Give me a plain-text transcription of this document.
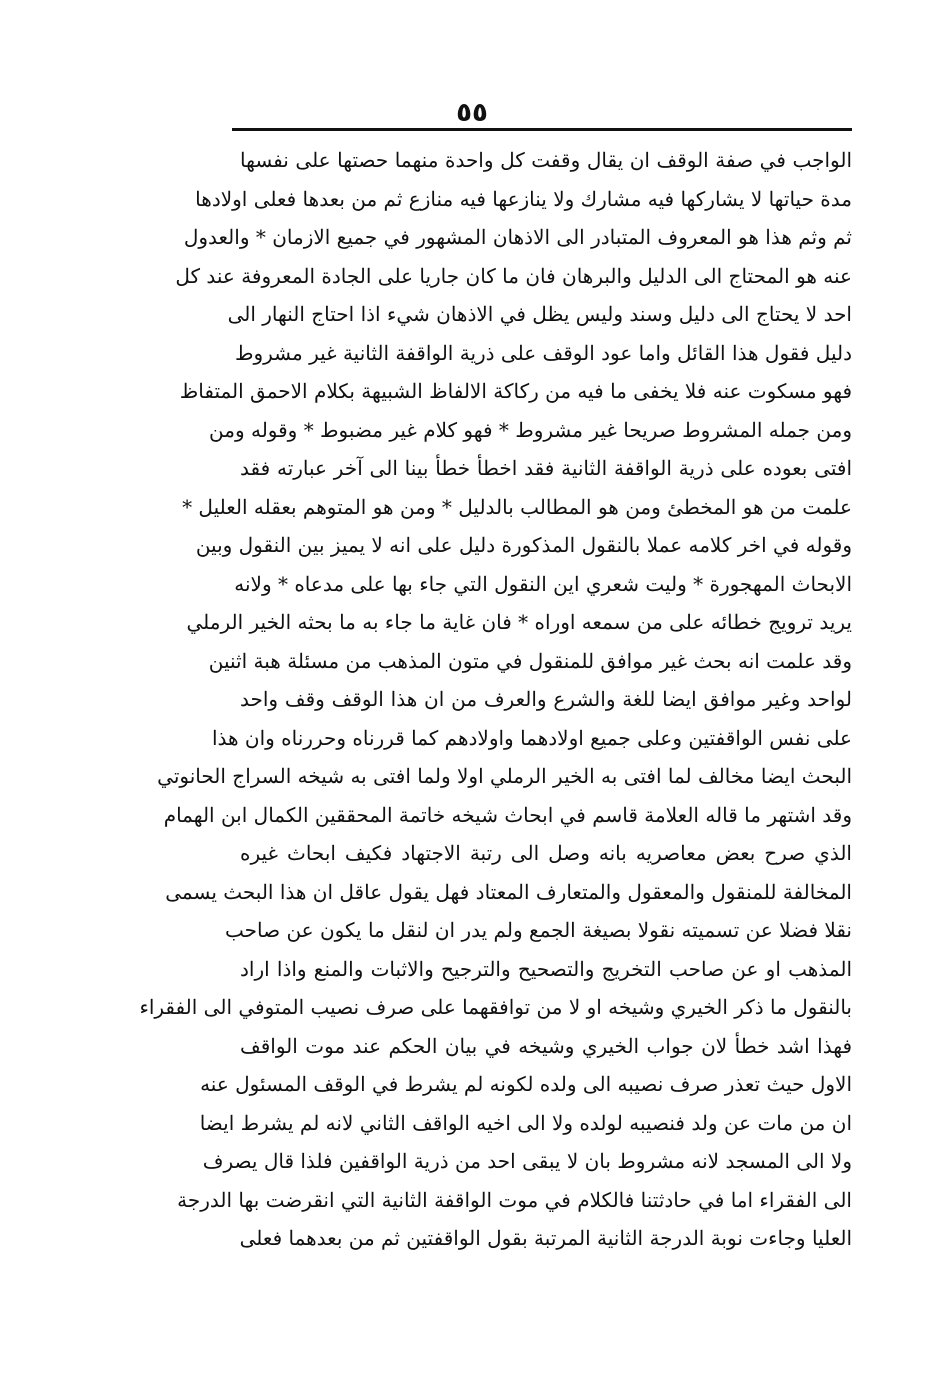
٥٥
الواجب في صفة الوقف ان يقال وقفت كل واحدة منهما حصتها على نفسها
مدة حياتها لا يشاركها فيه مشارك ولا ينازعها فيه منازع ثم من بعدها فعلى اولادها
ثم وثم هذا هو المعروف المتبادر الى الاذهان المشهور في جميع الازمان * والعدول
عنه هو المحتاج الى الدليل والبرهان فان ما كان جاريا على الجادة المعروفة عند كل
احد لا يحتاج الى دليل وسند وليس يظل في الاذهان شيء اذا احتاج النهار الى
دليل فقول هذا القائل واما عود الوقف على ذرية الواقفة الثانية غير مشروط
فهو مسكوت عنه فلا يخفى ما فيه من ركاكة الالفاظ الشبيهة بكلام الاحمق المتفاظ
ومن جمله المشروط صريحا غير مشروط * فهو كلام غير مضبوط * وقوله ومن
افتى بعوده على ذرية الواقفة الثانية فقد اخطأ خطأ بينا الى آخر عبارته فقد
علمت من هو المخطئ ومن هو المطالب بالدليل * ومن هو المتوهم بعقله العليل *
وقوله في اخر كلامه عملا بالنقول المذكورة دليل على انه لا يميز بين النقول وبين
الابحاث المهجورة * وليت شعري اين النقول التي جاء بها على مدعاه * ولانه
يريد ترويج خطائه على من سمعه اوراه * فان غاية ما جاء به ما بحثه الخير الرملي
وقد علمت انه بحث غير موافق للمنقول في متون المذهب من مسئلة هبة اثنين
لواحد وغير موافق ايضا للغة والشرع والعرف من ان هذا الوقف وقف واحد
على نفس الواقفتين وعلى جميع اولادهما واولادهم كما قررناه وحررناه وان هذا
البحث ايضا مخالف لما افتى به الخير الرملي اولا ولما افتى به شيخه السراج الحانوتي
وقد اشتهر ما قاله العلامة قاسم في ابحاث شيخه خاتمة المحققين الكمال ابن الهمام
الذي صرح بعض معاصريه بانه وصل الى رتبة الاجتهاد فكيف ابحاث غيره
المخالفة للمنقول والمعقول والمتعارف المعتاد فهل يقول عاقل ان هذا البحث يسمى
نقلا فضلا عن تسميته نقولا بصيغة الجمع ولم يدر ان لنقل ما يكون عن صاحب
المذهب او عن صاحب التخريج والتصحيح والترجيح والاثبات والمنع واذا اراد
بالنقول ما ذكر الخيري وشيخه او لا من توافقهما على صرف نصيب المتوفي الى الفقراء
فهذا اشد خطأ لان جواب الخيري وشيخه في بيان الحكم عند موت الواقف
الاول حيث تعذر صرف نصيبه الى ولده لكونه لم يشرط في الوقف المسئول عنه
ان من مات عن ولد فنصيبه لولده ولا الى اخيه الواقف الثاني لانه لم يشرط ايضا
ولا الى المسجد لانه مشروط بان لا يبقى احد من ذرية الواقفين فلذا قال يصرف
الى الفقراء اما في حادثتنا فالكلام في موت الواقفة الثانية التي انقرضت بها الدرجة
العليا وجاءت نوبة الدرجة الثانية المرتبة بقول الواقفتين ثم من بعدهما فعلى
